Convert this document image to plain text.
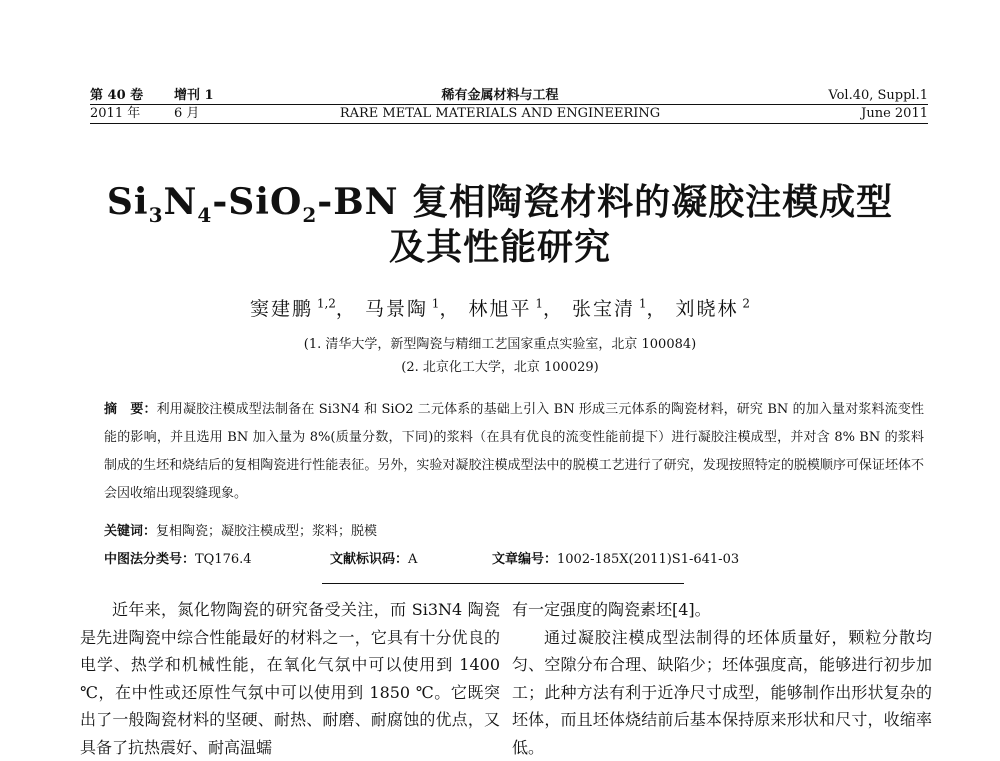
第 40 卷 增刊 1
2011 年	6 月
稀有金属材料与工程
RARE METAL MATERIALS AND ENGINEERING
Vol.40, Suppl.1
June 2011
$Si_3N_4-SiO_2-BN$ 复相陶瓷材料的凝胶注模成型
及其性能研究
窦建鹏 $^{1,2}$， 马景陶 $^1$， 林旭平 $^1$， 张宝清 $^1$， 刘晓林 $^2$
(1. 清华大学，新型陶瓷与精细工艺国家重点实验室，北京 100084)
(2. 北京化工大学，北京 100029)
摘　要：利用凝胶注模成型法制备在 Si3N4 和 SiO2 二元体系的基础上引入 BN 形成三元体系的陶瓷材料，研究 BN 的加入量对浆料流变性能的影响，并且选用 BN 加入量为 8%(质量分数，下同)的浆料（在具有优良的流变性能前提下）进行凝胶注模成型，并对含 8% BN 的浆料制成的生坯和烧结后的复相陶瓷进行性能表征。另外，实验对凝胶注模成型法中的脱模工艺进行了研究，发现按照特定的脱模顺序可保证坯体不会因收缩出现裂缝现象。
关键词：复相陶瓷；凝胶注模成型；浆料；脱模
中图法分类号：TQ176.4	文献标识码：A	文章编号：1002-185X(2011)S1-641-03

近年来，氮化物陶瓷的研究备受关注，而 Si3N4 陶瓷是先进陶瓷中综合性能最好的材料之一，它具有十分优良的电学、热学和机械性能，在氧化气氛中可以使用到 1400 ℃，在中性或还原性气氛中可以使用到 1850 ℃。它既突出了一般陶瓷材料的坚硬、耐热、耐磨、耐腐蚀的优点，又具备了抗热震好、耐高温蠕

有一定强度的陶瓷素坯[4]。

通过凝胶注模成型法制得的坯体质量好，颗粒分散均匀、空隙分布合理、缺陷少；坯体强度高，能够进行初步加工；此种方法有利于近净尺寸成型，能够制作出形状复杂的坯体，而且坯体烧结前后基本保持原来形状和尺寸，收缩率低。
